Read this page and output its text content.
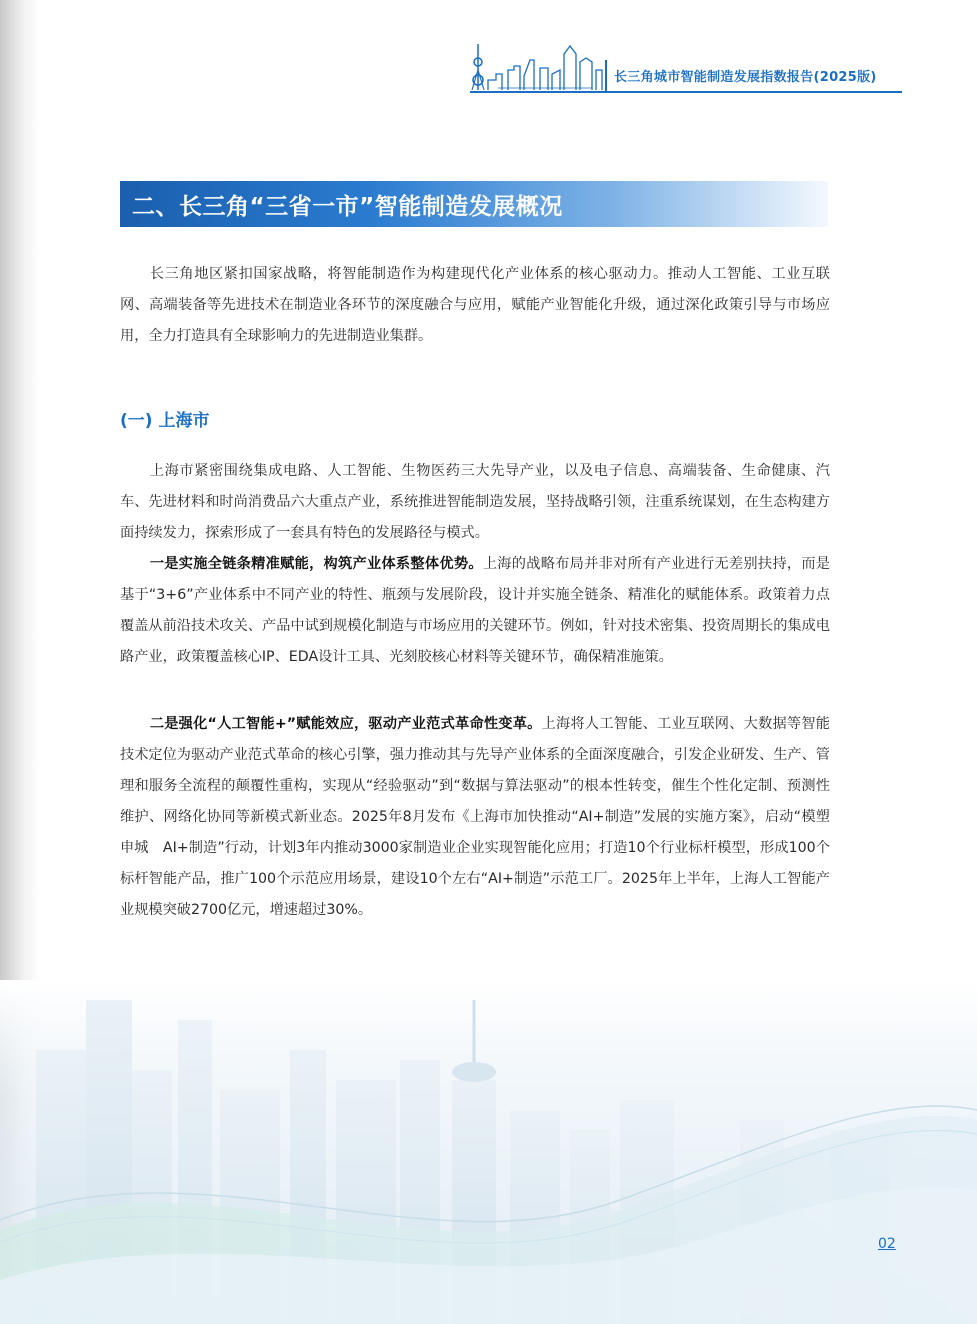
长三角城市智能制造发展指数报告(2025版)
二、长三角“三省一市”智能制造发展概况

长三角地区紧扣国家战略，将智能制造作为构建现代化产业体系的核心驱动力。推动人工智能、工业互联网、高端装备等先进技术在制造业各环节的深度融合与应用，赋能产业智能化升级，通过深化政策引导与市场应用，全力打造具有全球影响力的先进制造业集群。

(一) 上海市

上海市紧密围绕集成电路、人工智能、生物医药三大先导产业，以及电子信息、高端装备、生命健康、汽车、先进材料和时尚消费品六大重点产业，系统推进智能制造发展，坚持战略引领，注重系统谋划，在生态构建方面持续发力，探索形成了一套具有特色的发展路径与模式。

一是实施全链条精准赋能，构筑产业体系整体优势。上海的战略布局并非对所有产业进行无差别扶持，而是基于“3+6”产业体系中不同产业的特性、瓶颈与发展阶段，设计并实施全链条、精准化的赋能体系。政策着力点覆盖从前沿技术攻关、产品中试到规模化制造与市场应用的关键环节。例如，针对技术密集、投资周期长的集成电路产业，政策覆盖核心IP、EDA设计工具、光刻胶核心材料等关键环节，确保精准施策。

二是强化“人工智能+”赋能效应，驱动产业范式革命性变革。上海将人工智能、工业互联网、大数据等智能技术定位为驱动产业范式革命的核心引擎，强力推动其与先导产业体系的全面深度融合，引发企业研发、生产、管理和服务全流程的颠覆性重构，实现从“经验驱动”到“数据与算法驱动”的根本性转变，催生个性化定制、预测性维护、网络化协同等新模式新业态。2025年8月发布《上海市加快推动“AI+制造”发展的实施方案》，启动“模塑申城　AI+制造”行动，计划3年内推动3000家制造业企业实现智能化应用；打造10个行业标杆模型，形成100个标杆智能产品，推广100个示范应用场景，建设10个左右“AI+制造”示范工厂。2025年上半年，上海人工智能产业规模突破2700亿元，增速超过30%。

02
